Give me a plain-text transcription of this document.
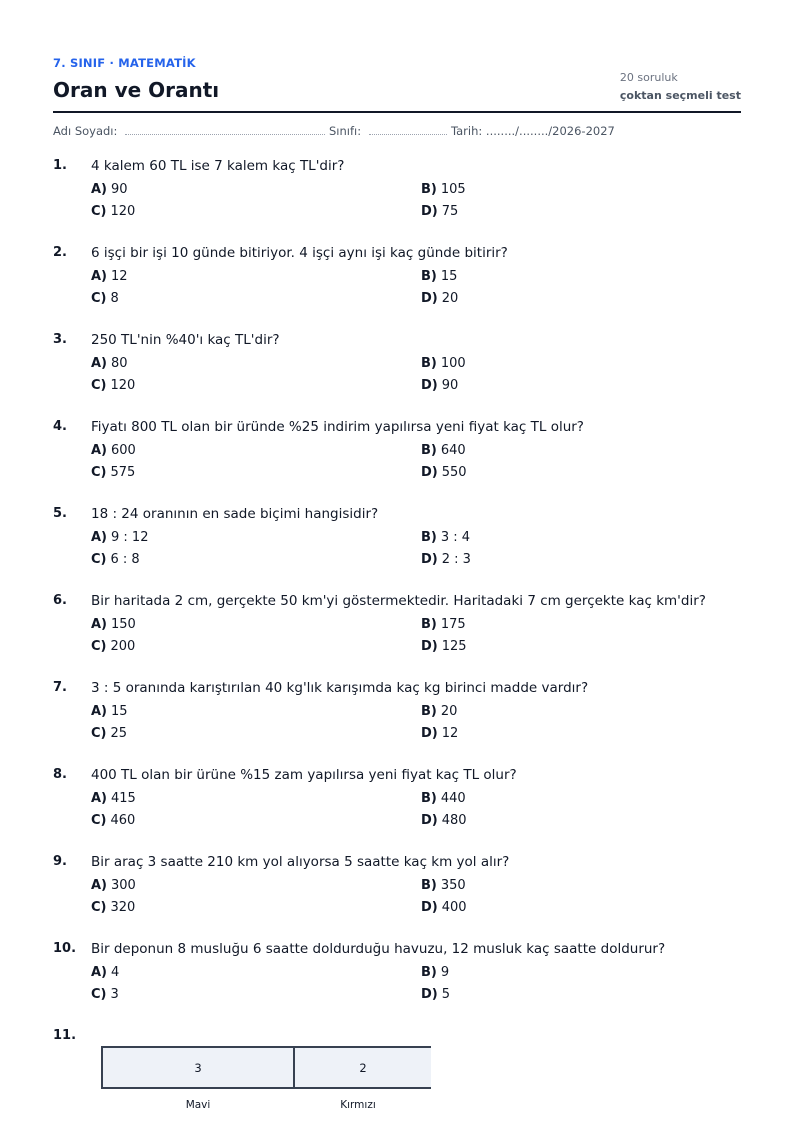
7. SINIF · MATEMATİK
Oran ve Orantı
20 soruluk
çoktan seçmeli test
Adı Soyadı:	Sınıfı:	Tarih: ......../......../2026-2027
1. 4 kalem 60 TL ise 7 kalem kaç TL'dir?
A) 90	B) 105
C) 120	D) 75
2. 6 işçi bir işi 10 günde bitiriyor. 4 işçi aynı işi kaç günde bitirir?
A) 12	B) 15
C) 8	D) 20
3. 250 TL'nin %40'ı kaç TL'dir?
A) 80	B) 100
C) 120	D) 90
4. Fiyatı 800 TL olan bir üründe %25 indirim yapılırsa yeni fiyat kaç TL olur?
A) 600	B) 640
C) 575	D) 550
5. 18 : 24 oranının en sade biçimi hangisidir?
A) 9 : 12	B) 3 : 4
C) 6 : 8	D) 2 : 3
6. Bir haritada 2 cm, gerçekte 50 km'yi göstermektedir. Haritadaki 7 cm gerçekte kaç km'dir?
A) 150	B) 175
C) 200	D) 125
7. 3 : 5 oranında karıştırılan 40 kg'lık karışımda kaç kg birinci madde vardır?
A) 15	B) 20
C) 25	D) 12
8. 400 TL olan bir ürüne %15 zam yapılırsa yeni fiyat kaç TL olur?
A) 415	B) 440
C) 460	D) 480
9. Bir araç 3 saatte 210 km yol alıyorsa 5 saatte kaç km yol alır?
A) 300	B) 350
C) 320	D) 400
10. Bir deponun 8 musluğu 6 saatte doldurduğu havuzu, 12 musluk kaç saatte doldurur?
A) 4	B) 9
C) 3	D) 5
11.
3	2
Mavi	Kırmızı
